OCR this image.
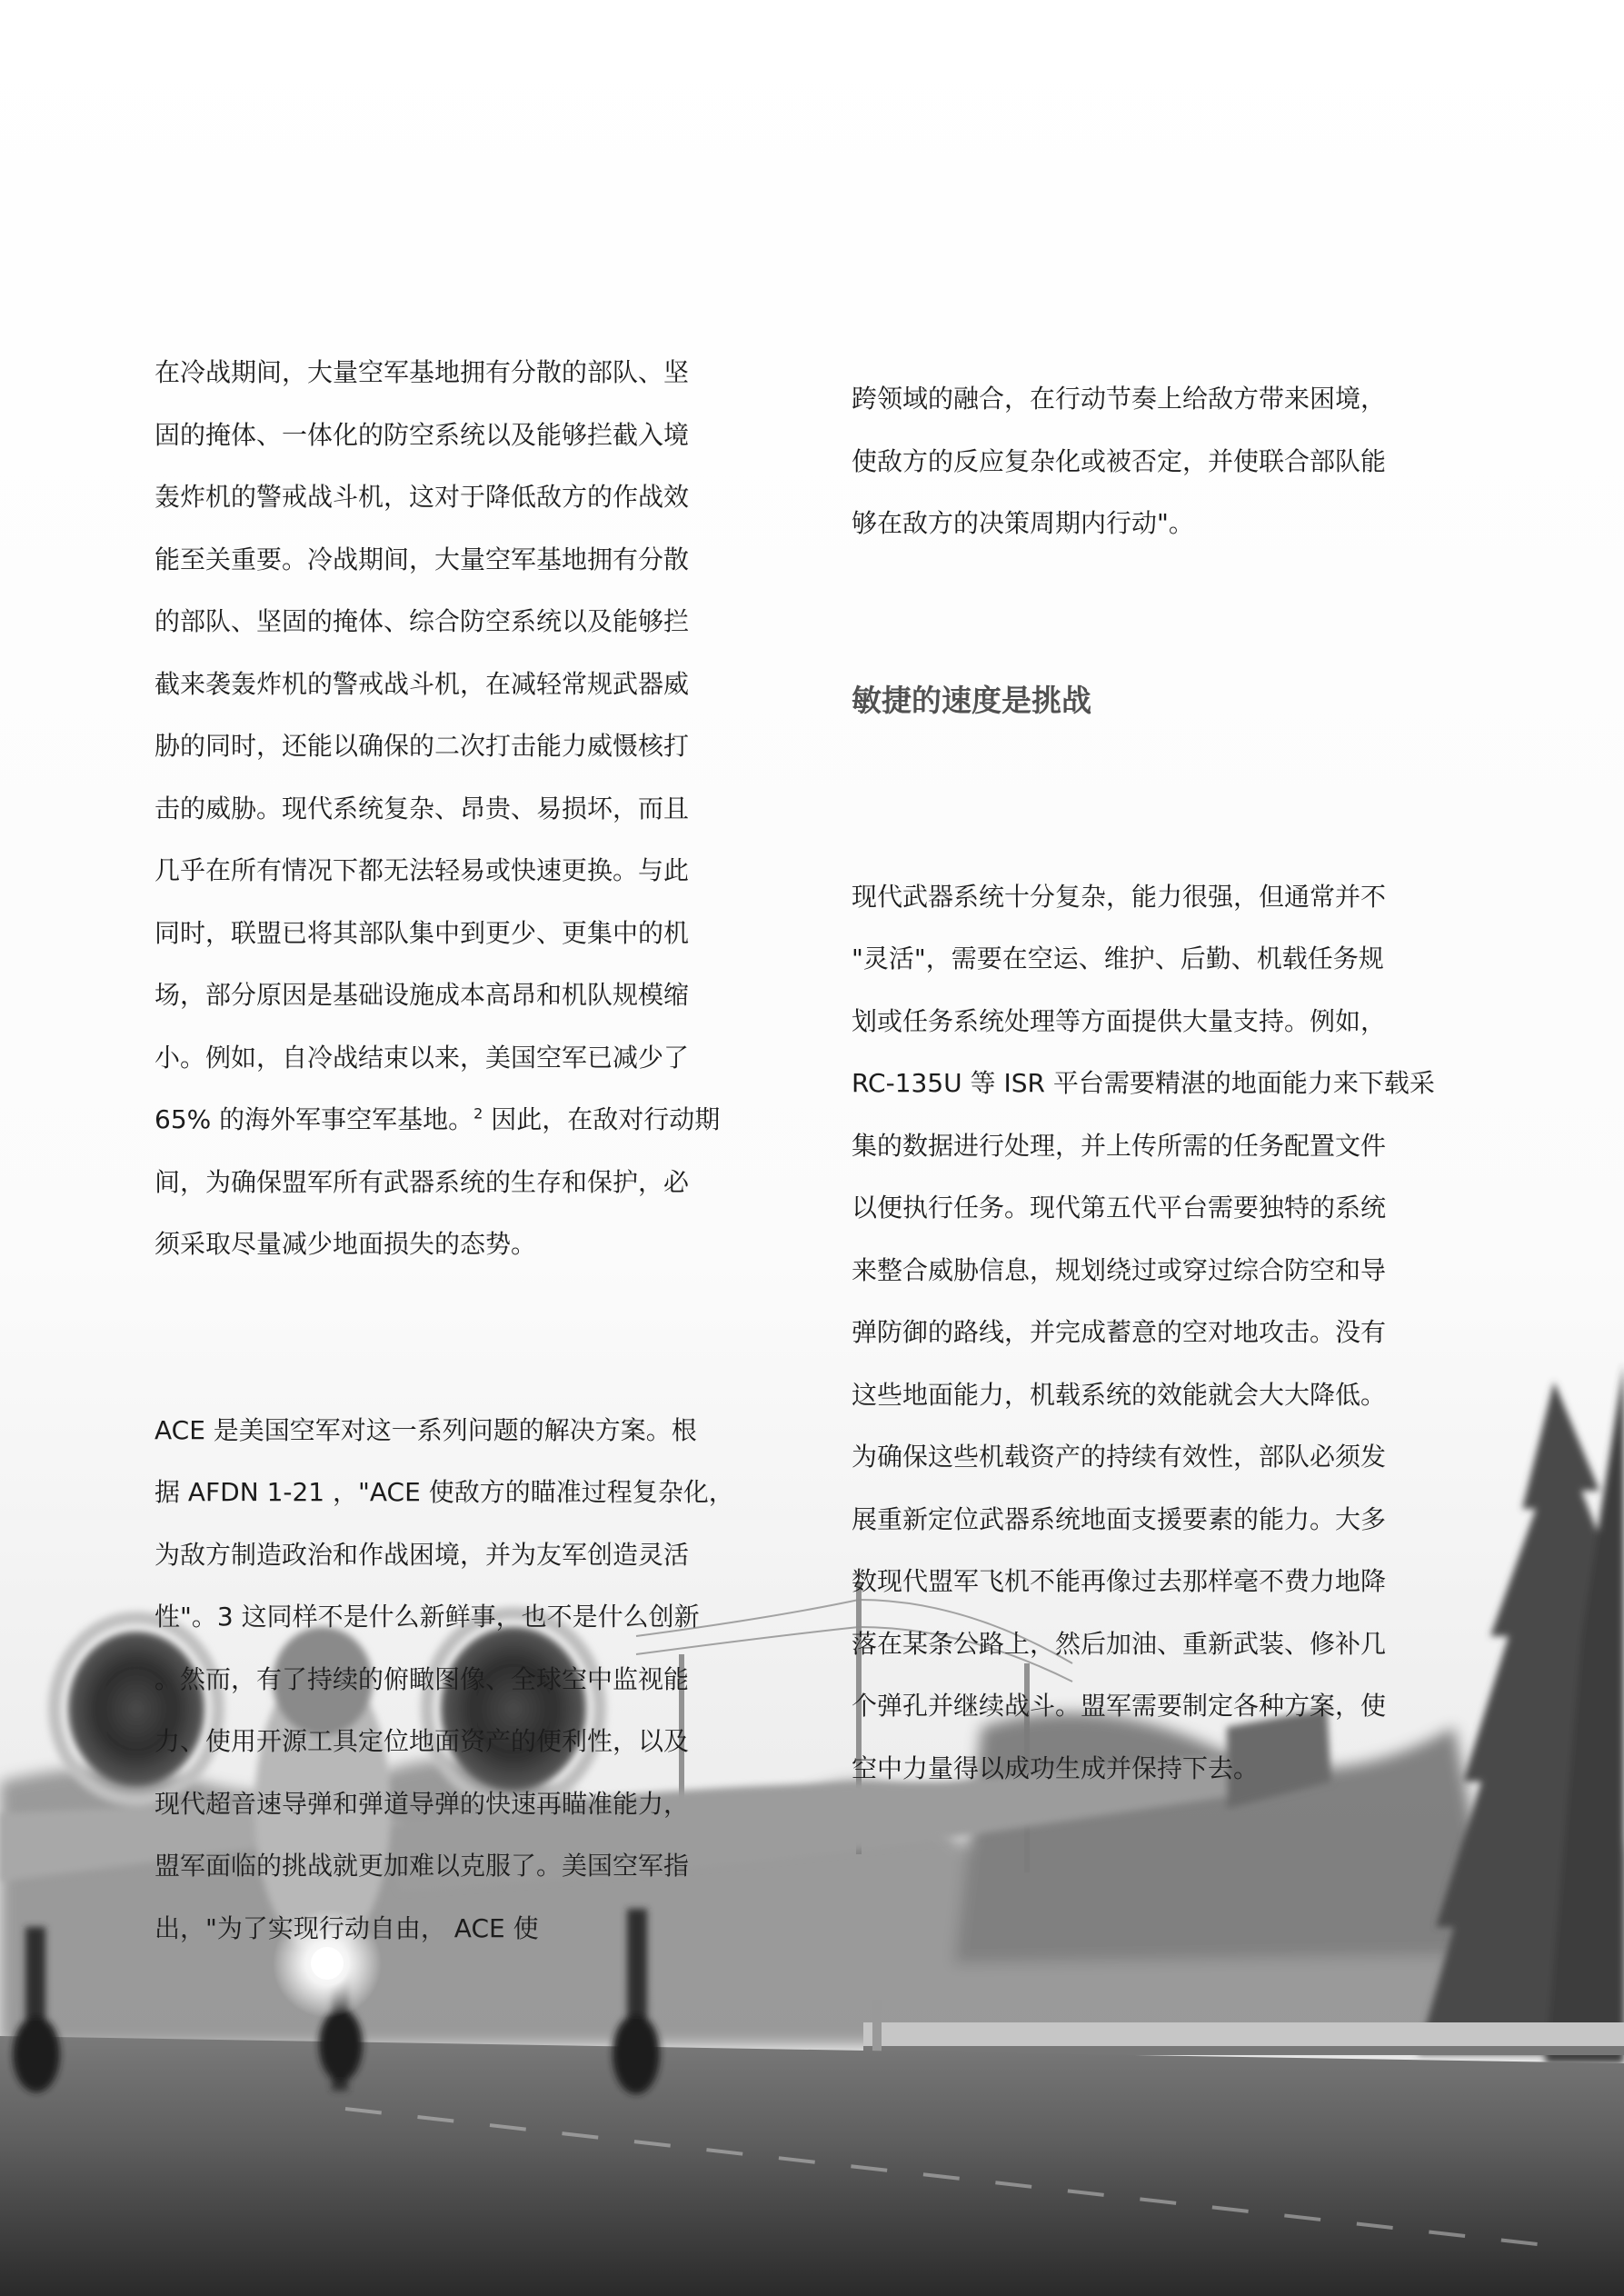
在冷战期间，大量空军基地拥有分散的部队、坚

固的掩体、一体化的防空系统以及能够拦截入境

轰炸机的警戒战斗机，这对于降低敌方的作战效

能至关重要。冷战期间，大量空军基地拥有分散

的部队、坚固的掩体、综合防空系统以及能够拦

截来袭轰炸机的警戒战斗机，在减轻常规武器威

胁的同时，还能以确保的二次打击能力威慑核打

击的威胁。现代系统复杂、昂贵、易损坏，而且

几乎在所有情况下都无法轻易或快速更换。与此

同时，联盟已将其部队集中到更少、更集中的机

场，部分原因是基础设施成本高昂和机队规模缩

小。例如，自冷战结束以来，美国空军已减少了

65% 的海外军事空军基地。$^2$ 因此，在敌对行动期

间，为确保盟军所有武器系统的生存和保护，必

须采取尽量减少地面损失的态势。

ACE 是美国空军对这一系列问题的解决方案。根

据 AFDN 1-21 ，"ACE 使敌方的瞄准过程复杂化，

为敌方制造政治和作战困境，并为友军创造灵活

性"。3 这同样不是什么新鲜事，也不是什么创新

。然而，有了持续的俯瞰图像、全球空中监视能

力、使用开源工具定位地面资产的便利性，以及

现代超音速导弹和弹道导弹的快速再瞄准能力，

盟军面临的挑战就更加难以克服了。美国空军指

出，"为了实现行动自由， ACE 使

跨领域的融合，在行动节奏上给敌方带来困境，

使敌方的反应复杂化或被否定，并使联合部队能

够在敌方的决策周期内行动"。

敏捷的速度是挑战

现代武器系统十分复杂，能力很强，但通常并不

"灵活"，需要在空运、维护、后勤、机载任务规

划或任务系统处理等方面提供大量支持。例如，

RC-135U 等 ISR 平台需要精湛的地面能力来下载采

集的数据进行处理，并上传所需的任务配置文件

以便执行任务。现代第五代平台需要独特的系统

来整合威胁信息，规划绕过或穿过综合防空和导

弹防御的路线，并完成蓄意的空对地攻击。没有

这些地面能力，机载系统的效能就会大大降低。

为确保这些机载资产的持续有效性，部队必须发

展重新定位武器系统地面支援要素的能力。大多

数现代盟军飞机不能再像过去那样毫不费力地降

落在某条公路上，然后加油、重新武装、修补几

个弹孔并继续战斗。盟军需要制定各种方案，使

空中力量得以成功生成并保持下去。
